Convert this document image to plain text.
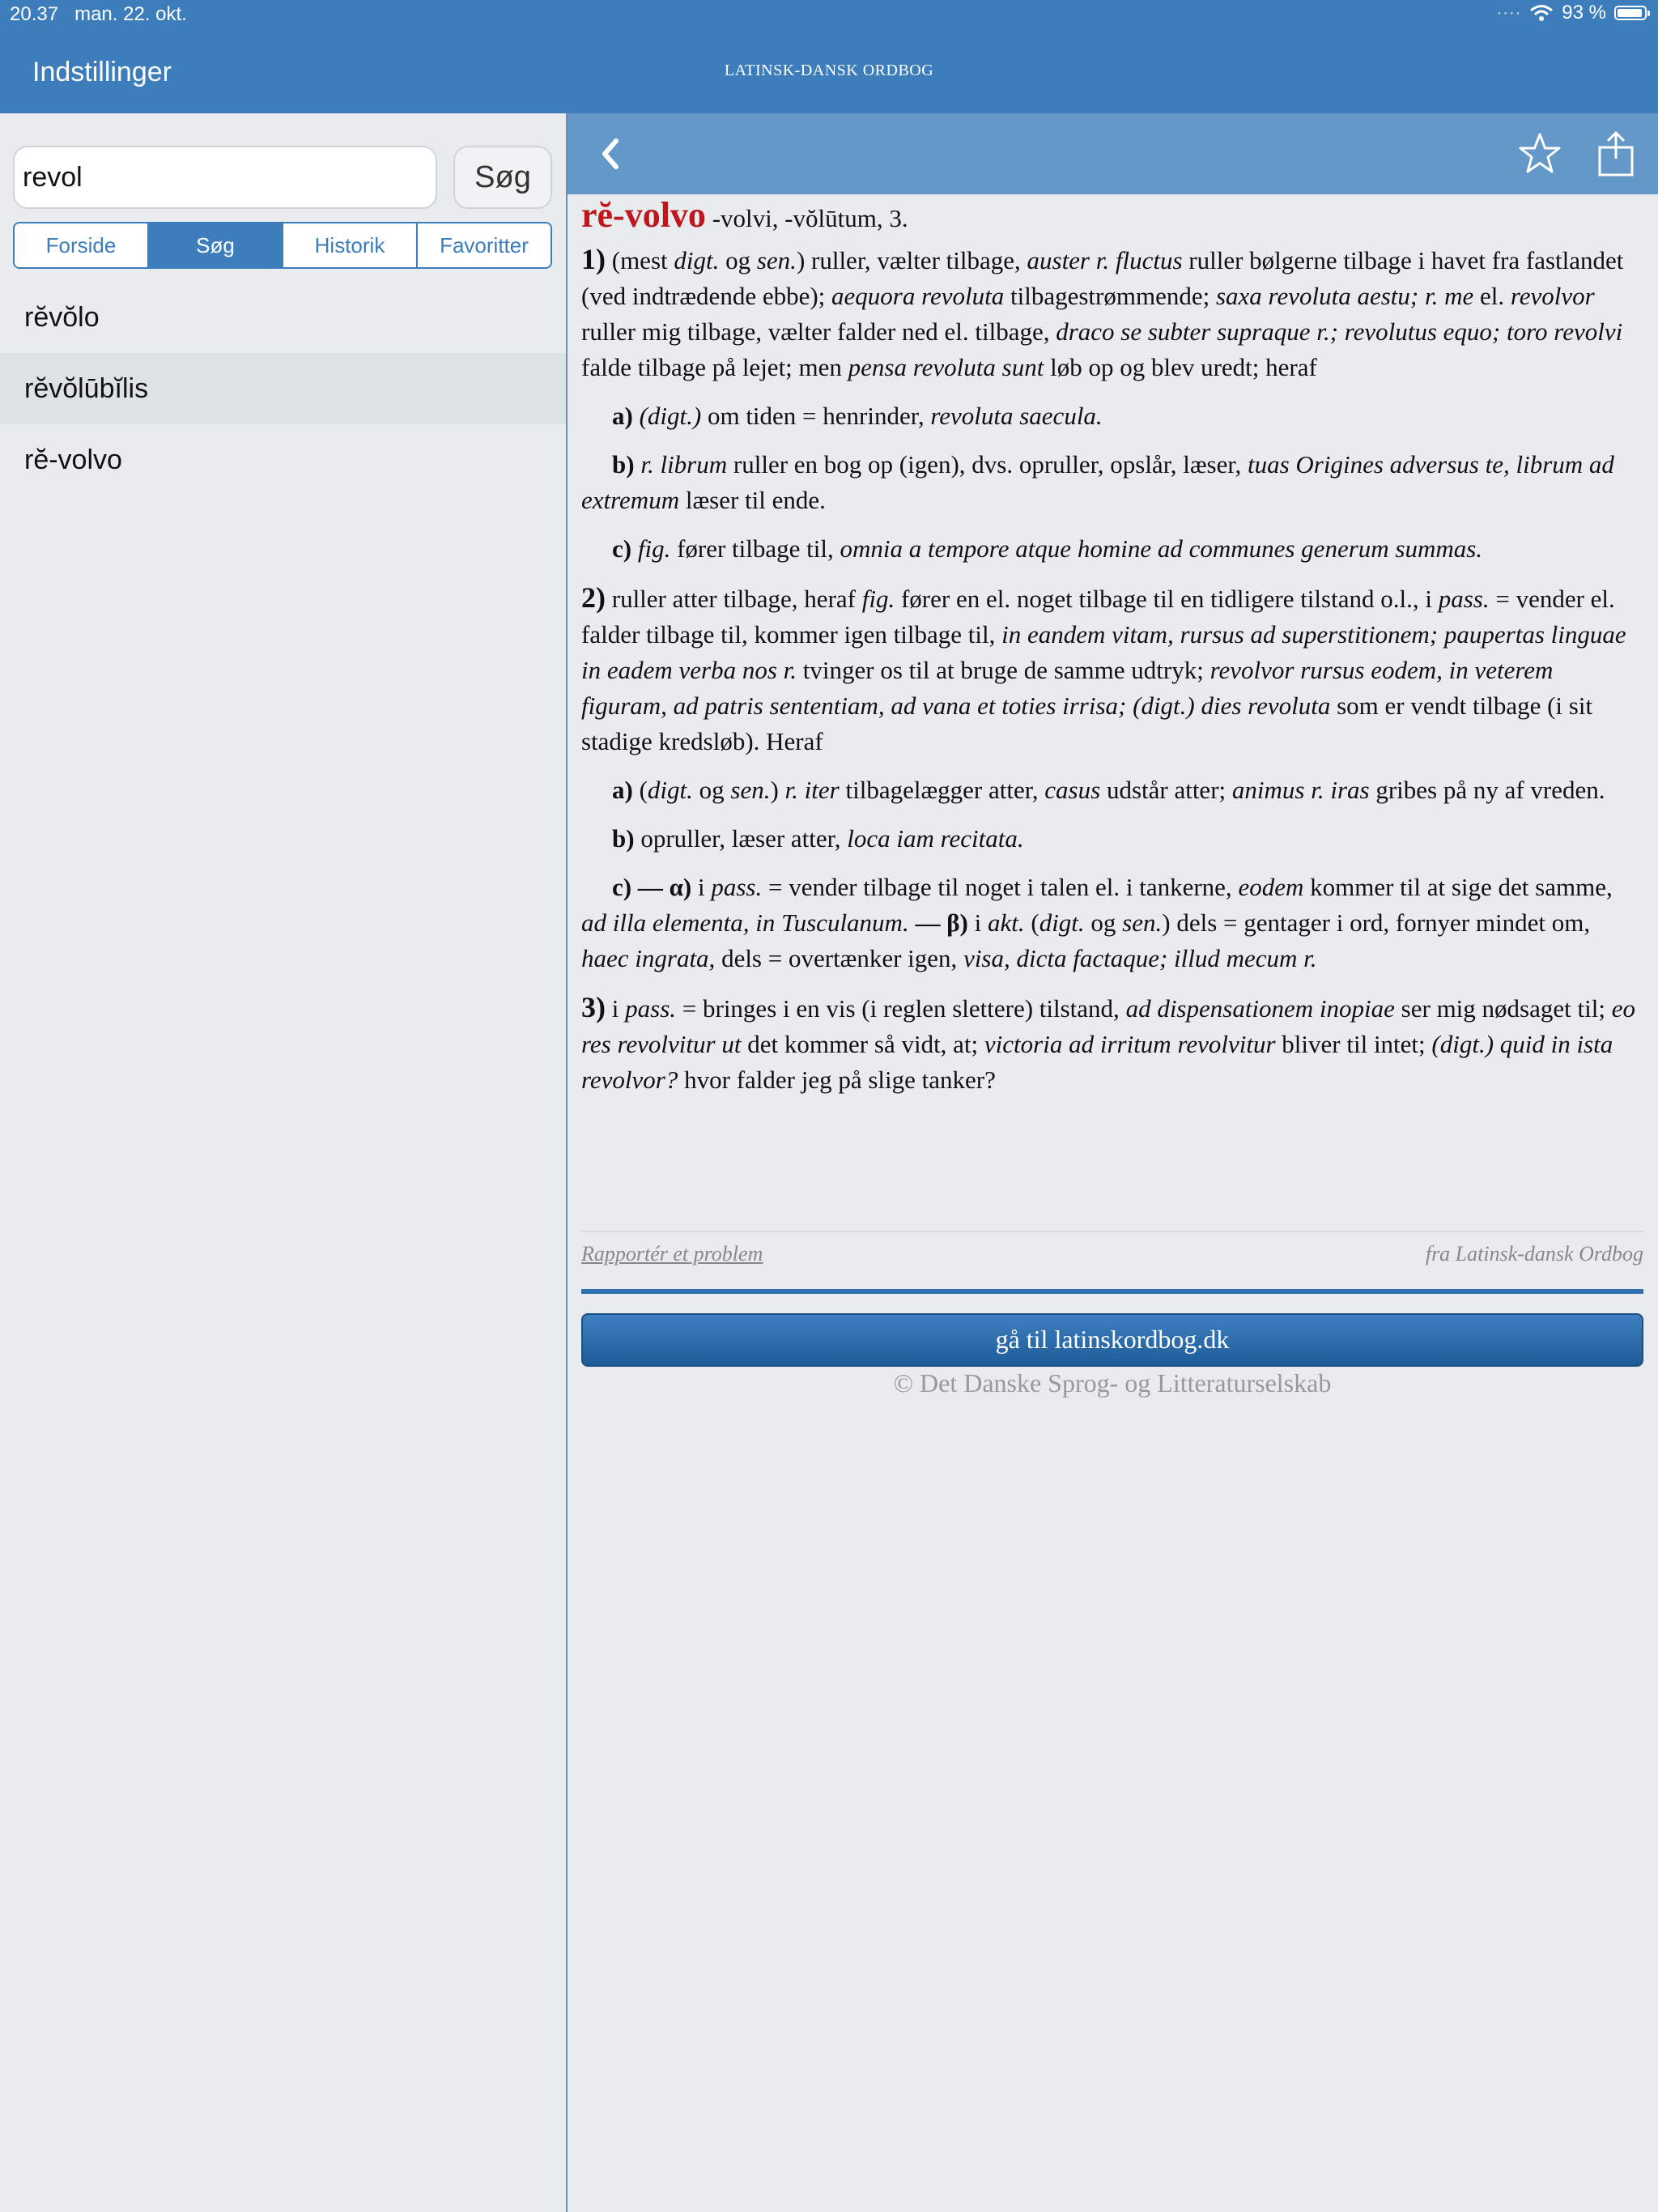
20.37 man. 22. okt.	···· 93 %
Indstillinger	LATINSK-DANSK ORDBOG
revol
Søg
Forside	Søg	Historik	Favoritter
rĕvŏlo
rĕvŏlūbĭlis
rĕ-volvo
rĕ-volvo -volvi, -vŏlūtum, 3.

1) (mest digt. og sen.) ruller, vælter tilbage, auster r. fluctus ruller bølgerne tilbage i havet fra fastlandet (ved indtrædende ebbe); aequora revoluta tilbagestrømmende; saxa revoluta aestu; r. me el. revolvor ruller mig tilbage, vælter falder ned el. tilbage, draco se subter supraque r.; revolutus equo; toro revolvi falde tilbage på lejet; men pensa revoluta sunt løb op og blev uredt; heraf

a) (digt.) om tiden = henrinder, revoluta saecula.

b) r. librum ruller en bog op (igen), dvs. opruller, opslår, læser, tuas Origines adversus te, librum ad extremum læser til ende.

c) fig. fører tilbage til, omnia a tempore atque homine ad communes generum summas.

2) ruller atter tilbage, heraf fig. fører en el. noget tilbage til en tidligere tilstand o.l., i pass. = vender el. falder tilbage til, kommer igen tilbage til, in eandem vitam, rursus ad superstitionem; paupertas linguae in eadem verba nos r. tvinger os til at bruge de samme udtryk; revolvor rursus eodem, in veterem figuram, ad patris sententiam, ad vana et toties irrisa; (digt.) dies revoluta som er vendt tilbage (i sit stadige kredsløb). Heraf

a) (digt. og sen.) r. iter tilbagelægger atter, casus udstår atter; animus r. iras gribes på ny af vreden.

b) opruller, læser atter, loca iam recitata.

c) — α) i pass. = vender tilbage til noget i talen el. i tankerne, eodem kommer til at sige det samme, ad illa elementa, in Tusculanum. — β) i akt. (digt. og sen.) dels = gentager i ord, fornyer mindet om, haec ingrata, dels = overtænker igen, visa, dicta factaque; illud mecum r.

3) i pass. = bringes i en vis (i reglen slettere) tilstand, ad dispensationem inopiae ser mig nødsaget til; eo res revolvitur ut det kommer så vidt, at; victoria ad irritum revolvitur bliver til intet; (digt.) quid in ista revolvor? hvor falder jeg på slige tanker?

Rapportér et problem	fra Latinsk-dansk Ordbog
gå til latinskordbog.dk
© Det Danske Sprog- og Litteraturselskab
